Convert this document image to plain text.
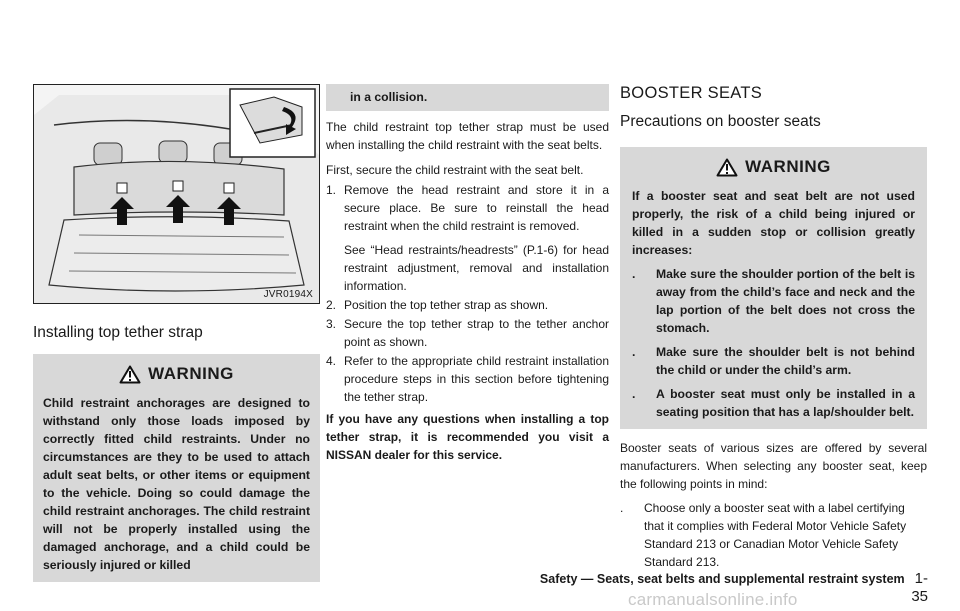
JVR0194X
Installing top tether strap
WARNING
Child restraint anchorages are designed to withstand only those loads imposed by correctly fitted child restraints. Under no circumstances are they to be used to attach adult seat belts, or other items or equipment to the vehicle. Doing so could damage the child restraint anchorages. The child restraint will not be properly installed using the damaged anchorage, and a child could be seriously injured or killed
in a collision.

The child restraint top tether strap must be used when installing the child restraint with the seat belts.

First, secure the child restraint with the seat belt.

1. Remove the head restraint and store it in a secure place. Be sure to reinstall the head restraint when the child restraint is removed.
See “Head restraints/headrests” (P.1-6) for head restraint adjustment, removal and installation information.
2. Position the top tether strap as shown.
3. Secure the top tether strap to the tether anchor point as shown.
4. Refer to the appropriate child restraint installation procedure steps in this section before tightening the tether strap.
If you have any questions when installing a top tether strap, it is recommended you visit a NISSAN dealer for this service.
BOOSTER SEATS
Precautions on booster seats
WARNING
If a booster seat and seat belt are not used properly, the risk of a child being injured or killed in a sudden stop or collision greatly increases:
.	Make sure the shoulder portion of the belt is away from the child’s face and neck and the lap portion of the belt does not cross the stomach.
.	Make sure the shoulder belt is not behind the child or under the child’s arm.
.	A booster seat must only be installed in a seating position that has a lap/shoulder belt.

Booster seats of various sizes are offered by several manufacturers. When selecting any booster seat, keep the following points in mind:

.	Choose only a booster seat with a label certifying that it complies with Federal Motor Vehicle Safety Standard 213 or Canadian Motor Vehicle Safety Standard 213.
Safety — Seats, seat belts and supplemental restraint system 1-35
carmanualsonline.info
